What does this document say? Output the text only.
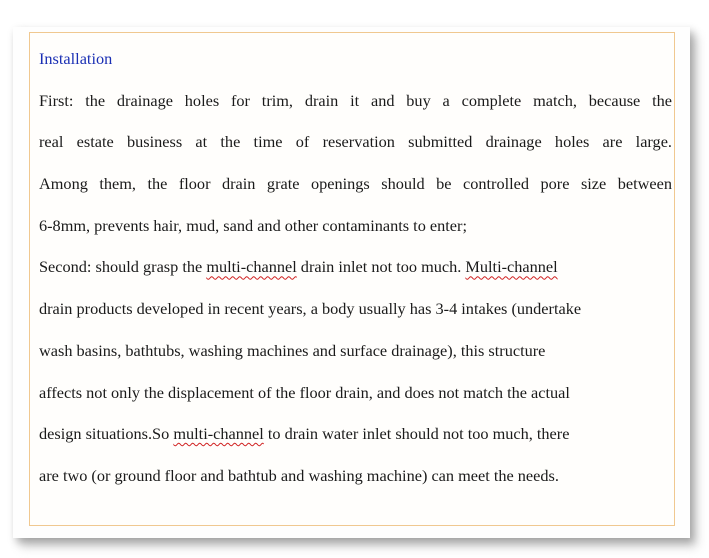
Installation
First: the drainage holes for trim, drain it and buy a complete match, because the
real estate business at the time of reservation submitted drainage holes are large.
Among them, the floor drain grate openings should be controlled pore size between
6-8mm, prevents hair, mud, sand and other contaminants to enter;
Second: should grasp the multi-channel drain inlet not too much. Multi-channel
drain products developed in recent years, a body usually has 3-4 intakes (undertake
wash basins, bathtubs, washing machines and surface drainage), this structure
affects not only the displacement of the floor drain, and does not match the actual
design situations.So multi-channel to drain water inlet should not too much, there
are two (or ground floor and bathtub and washing machine) can meet the needs.
